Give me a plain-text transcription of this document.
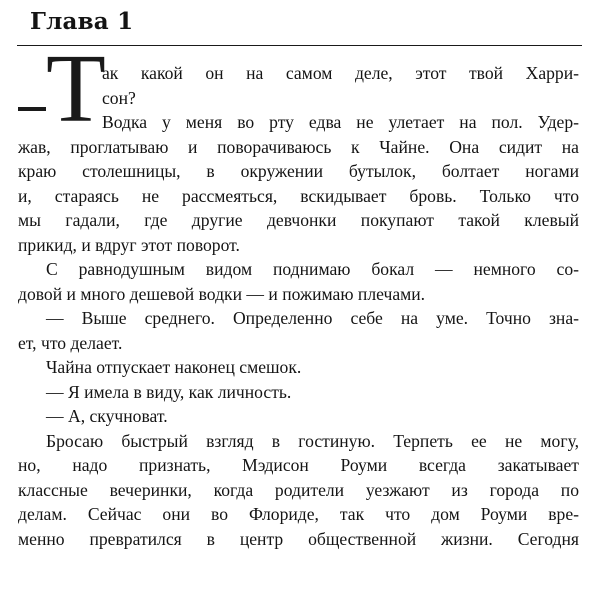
Глава 1
Т
ак какой он на самом деле, этот твой Харри-
сон?
Водка у меня во рту едва не улетает на пол. Удер-
жав, проглатываю и поворачиваюсь к Чайне. Она сидит на
краю столешницы, в окружении бутылок, болтает ногами
и, стараясь не рассмеяться, вскидывает бровь. Только что
мы гадали, где другие девчонки покупают такой клевый
прикид, и вдруг этот поворот.
С равнодушным видом поднимаю бокал — немного со-
довой и много дешевой водки — и пожимаю плечами.
— Выше среднего. Определенно себе на уме. Точно зна-
ет, что делает.
Чайна отпускает наконец смешок.
— Я имела в виду, как личность.
— А, скучноват.
Бросаю быстрый взгляд в гостиную. Терпеть ее не могу,
но, надо признать, Мэдисон Роуми всегда закатывает
классные вечеринки, когда родители уезжают из города по
делам. Сейчас они во Флориде, так что дом Роуми вре-
менно превратился в центр общественной жизни. Сегодня
